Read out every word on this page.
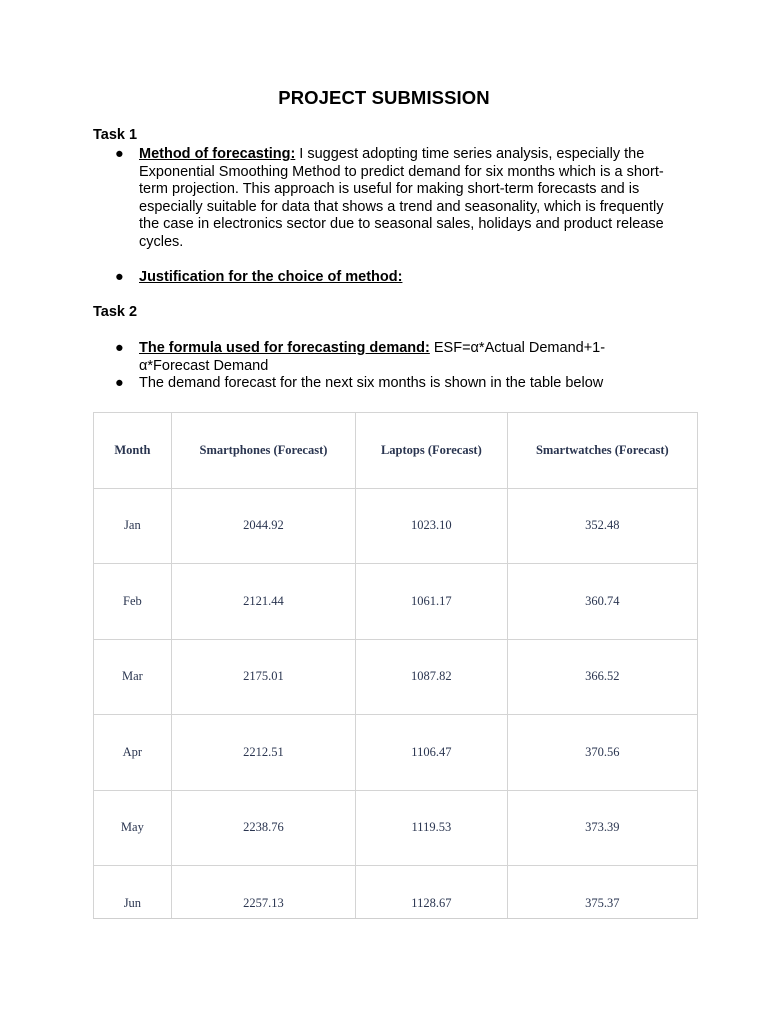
PROJECT SUBMISSION
Task 1
● Method of forecasting: I suggest adopting time series analysis, especially the Exponential Smoothing Method to predict demand for six months which is a short-term projection. This approach is useful for making short-term forecasts and is especially suitable for data that shows a trend and seasonality, which is frequently the case in electronics sector due to seasonal sales, holidays and product release cycles.
● Justification for the choice of method:
Task 2
● The formula used for forecasting demand: ESF=α*Actual Demand+1- α*Forecast Demand
● The demand forecast for the next six months is shown in the table below
Month	Smartphones (Forecast)	Laptops (Forecast)	Smartwatches (Forecast)
Jan	2044.92	1023.10	352.48
Feb	2121.44	1061.17	360.74
Mar	2175.01	1087.82	366.52
Apr	2212.51	1106.47	370.56
May	2238.76	1119.53	373.39
Jun	2257.13	1128.67	375.37
